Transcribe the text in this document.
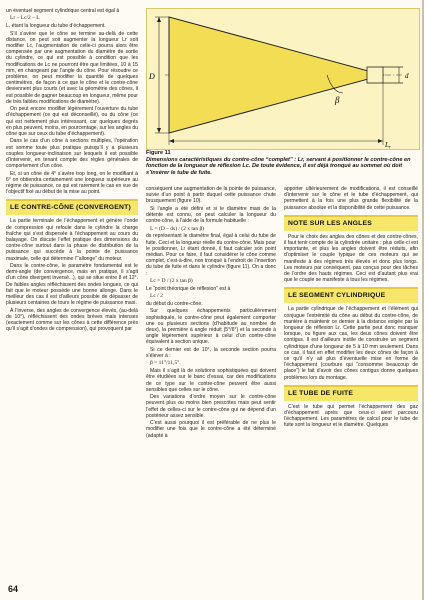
D	d
β
$L_r$
Figure 11
Dimensions caractéristiques du contre-cône “complet” : Lr, servant à positionner le contre-cône en fonction de la longueur de réflexion Lc. De toute évidence, il est déjà tronqué au sommet où doit s’insérer le tube de fuite.

un éventuel segment cylindrique central est égal à

Lr – Lc/2 – L

L, étant la longueur du tube d’échappement.

S’il s’avère que le cône se termine au-delà de cette distance, on peut soit augmenter la longueur Lr soit modifier Lc, l’augmentation de celle-ci pourra alors être compensée par une augmentation du diamètre de sortie du cylindre, ce qui est possible à condition que les modifications de Lc ne pourront être que limitées, 10 à 15 mm, en changeant par l’angle du cône. Pour résoudre ce problème, on peut modifier la quantité de quelques centimètres, de façon à ce que le cône et le contre-cône deviennent plus courts (et avec la géométrie des cônes, il est possible de gagner beaucoup en longueur, même pour de très faibles modifications de diamètre).

On peut encore modifier légèrement l’ouverture du tube d’échappement (ce qui est déconseillé), ou du cône (ce qui est nettement plus intéressant, car quelques degrés en plus peuvent, moins, en pourcentage, sur les angles du cône que sur ceux du tube d’échappement).

Dans le cas d’un cône à sections multiples, l’opération est somme toute plus pratique puisqu’il y a plusieurs couples longueur-inclinaison sur lesquels il est possible d’intervenir, en tenant compte des règles générales de comportement d’un cône.

Et, si un cône de 4° s’avère trop long, on le modifiant à 6° on obtiendra certainement une longueur supérieure au régime de puissance, ce qui est rarement le cas en vue de l’objectif fixé au début de la mise au point.

LE CONTRE-CÔNE (CONVERGENT)

La partie terminale de l’échappement et génère l’onde de compression qui refoule dans le cylindre la charge fraîche qui s’est dispersée à l’échappement au cours du balayage. On discute l’effet pratique des dimensions du contre-cône surtout dans la phase de distribution de la puissance qui succède à la pointe de puissance maximale, celle qui détermine l’“allonge” du moteur.

Dans le contre-cône, le paramètre fondamental est le demi-angle (de convergence, mais en pratique, il s’agit d’un cône divergent inversé...), qui se situe entre 8 et 12°. De faibles angles réfléchissent des ondes longues, ce qui fait que le moteur possède une bonne allonge. Dans le meilleur des cas il est d’ailleurs possible de dépasser de plusieurs centaines de tours le régime de puissance maxi.

À l’inverse, des angles de convergence élevés, (au-delà de 10°), réfléchissent des ondes brèves mais intenses (exactement comme sur les cônes à cette différence près qu’il s’agit d’ondes de compression), qui provoquent par

conséquent une augmentation de la pointe de puissance, suivie d’un point à partir duquel cette puissance chute brusquement (figure 10).

Si l’angle a été défini et si le diamètre maxi de la détente est connu, on peut calculer la longueur du contre-cône, à l’aide de la formule habituelle :

L = (D – ds) / (2 x tan β)

ds représentant le diamètre final, égal à celui du tube de fuite. Ceci et la longueur réelle du contre-cône. Mais pour le positionner, Lr étant donné, il faut calculer son point médian. Pour ce faire, il faut considérer le cône comme complet, c’est-à-dire, non tronqué à l’endroit de l’insertion du tube de fuite et dans le cylindre (figure 11). On a donc :

Lc = D / (2 x tan β)

Le “point théorique de réflexion” est à

Lc / 2

du début du contre-cône.

Sur quelques échappements particulièrement sophistiqués, le contre-cône peut également comporter une ou plusieurs sections (d’habitude au nombre de deux), la première à angle réduit (5°/6°) et la seconde à angle légèrement supérieur à celui d’un contre-cône équivalent à section unique.

Si ce dernier est de 10°, la seconde section pourra s’élever à :

β = 11°/11,5°.

Mais il s’agit là de solutions sophistiquées qui doivent être étudiées sur le banc d’essai, car des modifications de ce type sur le contre-cône peuvent être aussi sensibles que celles sur le cône.

Des variations d’ordre moyen sur le contre-cône peuvent plus ou moins bien prescrites mais peut sentir l’effet de celles-ci sur le contre-cône qui ne dépend d’un postérieur assez sensible.

C’est aussi pourquoi il est préférable de ne plus le modifier une fois que le contre-cône a été déterminé (adapté à

apporter ultérieurement de modifications, il est conseillé d’intervenir sur le cône et le tube d’échappement, qui permettent à la fois une plus grande flexibilité de la puissance absolue et la disponibilité de cette puissance.

NOTE SUR LES ANGLES

Pour le choix des angles des cônes et des contre-cônes, il faut tenir compte de la cylindrée unitaire : plus celle-ci est importante, et plus les angles doivent être réduits, afin d’optimiser le couple typique de ces moteurs qui se manifeste à des régimes très élevés et donc plus longs. Les moteurs par conséquent, pas conçus pour des tâches de l’ordre des hauts régimes. Ceci est d’autant plus vrai que le couple se manifeste à tous les régimes.

LE SEGMENT CYLINDRIQUE

La partie cylindrique de l’échappement et l’élément qui conjugue l’extrémité du cône au début du contre-cône, de manière à maintenir ce dernier à la distance exigée par la longueur de réflexion Lr. Cette partie peut donc manquer lorsque, ou figure aux cas, les deux cônes doivent être contigus. Il est d’ailleurs inutile de construire un segment cylindrique d’une longueur de 5 à 10 mm seulement. Dans ce cas, il faut en effet modifier les deux cônes de façon à ce qu’il n’y ait plus d’éventuelle mise en forme de l’échappement (courbure qui “consomme beaucoup de place”) le fait d’avoir des cônes contigus donne quelques problèmes lors du montage.

LE TUBE DE FUITE

C’est le tube qui permet l’échappement des gaz d’échappement après que ceux-ci aient parcouru l’échappement. Les paramètres de calcul pour le tube de fuite sont la longueur et le diamètre. Quelques

64
